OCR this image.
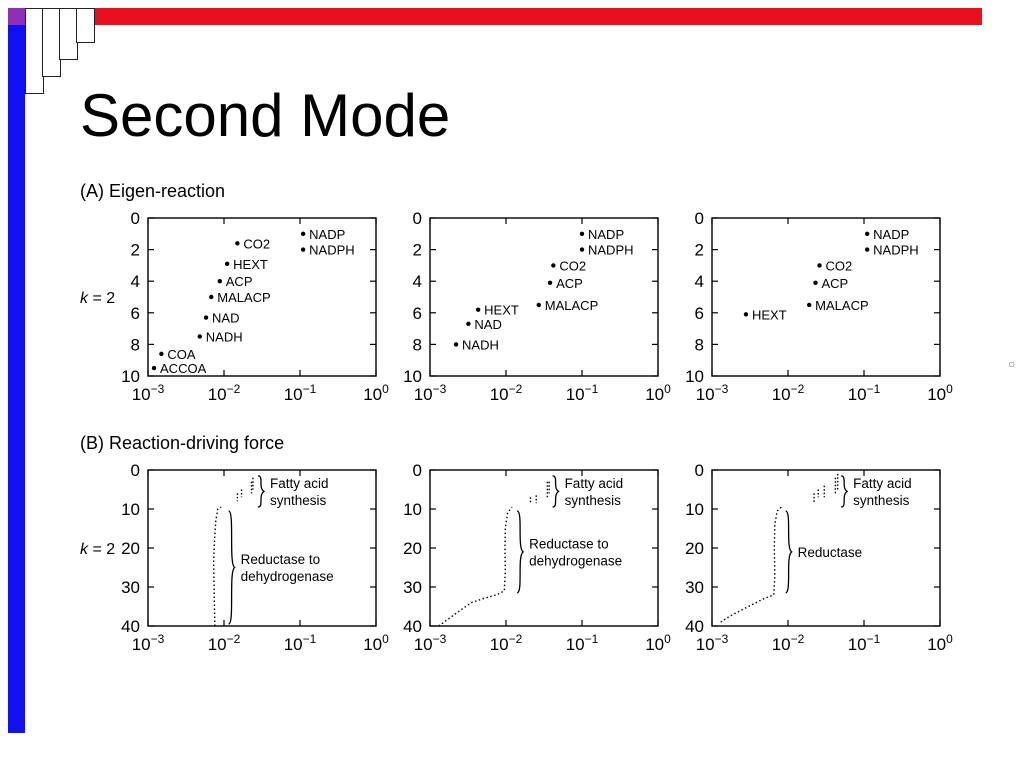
Second Mode
○
0
2
4
6
8
10
$10^{-3}$	$10^{-2}$	$10^{-1}$	$10^0$
NADP
NADPH
CO2
HEXT
ACP
MALACP
NAD
NADH
COA
ACCOA
(A) Eigen-reaction
k = 2
0
2
4
6
8
10
$10^{-3}$	$10^{-2}$	$10^{-1}$	$10^0$
NADP
NADPH
CO2
ACP
MALACP
HEXT
NAD
NADH
0
2
4
6
8
10
$10^{-3}$	$10^{-2}$	$10^{-1}$	$10^0$
NADP
NADPH
CO2
ACP
MALACP
HEXT
0
10
20
30
40
$10^{-3}$	$10^{-2}$	$10^{-1}$	$10^0$
Fatty acid
synthesis
Reductase to
dehydrogenase
(B) Reaction-driving force
k = 2
0
10
20
30
40
$10^{-3}$	$10^{-2}$	$10^{-1}$	$10^0$
Fatty acid
synthesis
Reductase to
dehydrogenase
0
10
20
30
40
$10^{-3}$	$10^{-2}$	$10^{-1}$	$10^0$
Fatty acid
synthesis
Reductase
